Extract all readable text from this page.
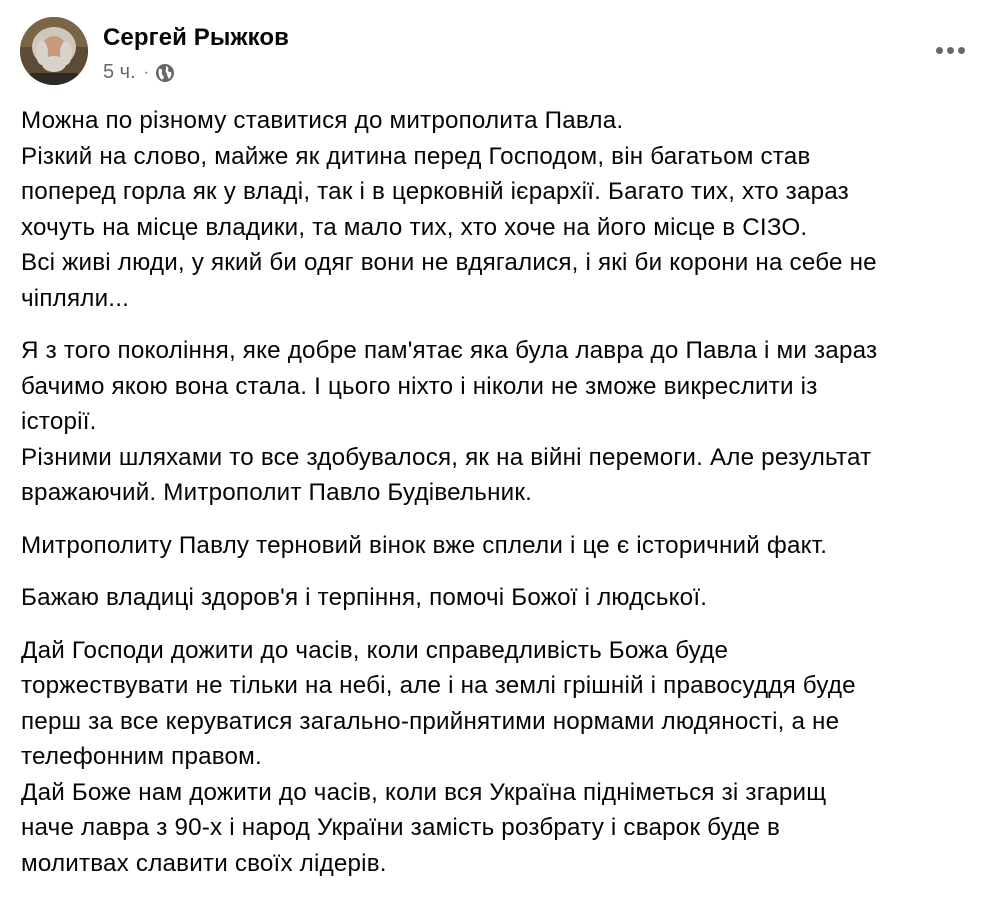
Сергей Рыжков
5 ч. ·
Можна по різному ставитися до митрополита Павла.
Різкий на слово, майже як дитина перед Господом, він багатьом став
поперед горла як у владі, так і в церковній ієрархії. Багато тих, хто зараз
хочуть на місце владики, та мало тих, хто хоче на його місце в СІЗО.
Всі живі люди, у який би одяг вони не вдягалися, і які би корони на себе не
чіпляли...
Я з того покоління, яке добре пам'ятає яка була лавра до Павла і ми зараз
бачимо якою вона стала. І цього ніхто і ніколи не зможе викреслити із
історії.
Різними шляхами то все здобувалося, як на війні перемоги. Але результат
вражаючий. Митрополит Павло Будівельник.
Митрополиту Павлу терновий вінок вже сплели і це є історичний факт.
Бажаю владиці здоров'я і терпіння, помочі Божої і людської.
Дай Господи дожити до часів, коли справедливість Божа буде
торжествувати не тільки на небі, але і на землі грішній і правосуддя буде
перш за все керуватися загально-прийнятими нормами людяності, а не
телефонним правом.
Дай Боже нам дожити до часів, коли вся Україна підніметься зі згарищ
наче лавра з 90-х і народ України замість розбрату і сварок буде в
молитвах славити своїх лідерів.
